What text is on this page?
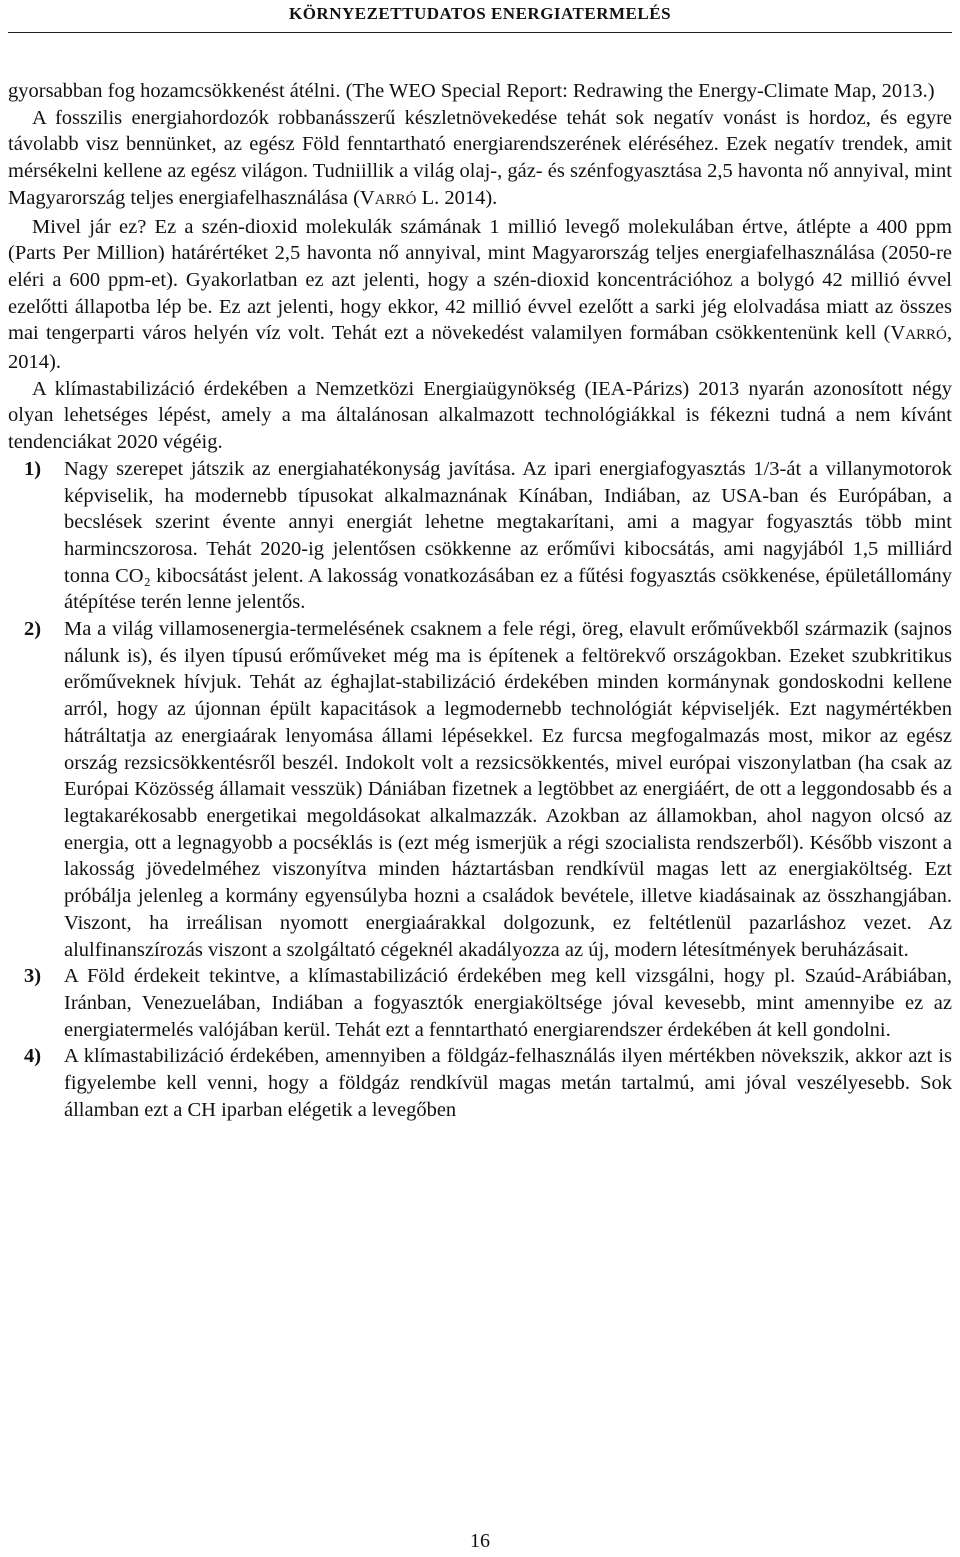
KÖRNYEZETTUDATOS ENERGIATERMELÉS

gyorsabban fog hozamcsökkenést átélni. (The WEO Special Report: Redrawing the Energy-Climate Map, 2013.)

A fosszilis energiahordozók robbanásszerű készletnövekedése tehát sok negatív vonást is hordoz, és egyre távolabb visz bennünket, az egész Föld fenntartható energiarendszerének eléréséhez. Ezek negatív trendek, amit mérsékelni kellene az egész világon. Tudniillik a világ olaj-, gáz- és szénfogyasztása 2,5 havonta nő annyival, mint Magyarország teljes energiafelhasználása (VARRÓ L. 2014).

Mivel jár ez? Ez a szén-dioxid molekulák számának 1 millió levegő molekulában értve, átlépte a 400 ppm (Parts Per Million) határértéket 2,5 havonta nő annyival, mint Magyarország teljes energiafelhasználása (2050-re eléri a 600 ppm-et). Gyakorlatban ez azt jelenti, hogy a szén-dioxid koncentrációhoz a bolygó 42 millió évvel ezelőtti állapotba lép be. Ez azt jelenti, hogy ekkor, 42 millió évvel ezelőtt a sarki jég elolvadása miatt az összes mai tengerparti város helyén víz volt. Tehát ezt a növekedést valamilyen formában csökkentenünk kell (VARRÓ, 2014).

A klímastabilizáció érdekében a Nemzetközi Energiaügynökség (IEA-Párizs) 2013 nyarán azonosított négy olyan lehetséges lépést, amely a ma általánosan alkalmazott technológiákkal is fékezni tudná a nem kívánt tendenciákat 2020 végéig.

1) Nagy szerepet játszik az energiahatékonyság javítása. Az ipari energiafogyasztás 1/3-át a villanymotorok képviselik, ha modernebb típusokat alkalmaznának Kínában, Indiában, az USA-ban és Európában, a becslések szerint évente annyi energiát lehetne megtakarítani, ami a magyar fogyasztás több mint harmincszorosa. Tehát 2020-ig jelentősen csökkenne az erőművi kibocsátás, ami nagyjából 1,5 milliárd tonna CO₂ kibocsátást jelent. A lakosság vonatkozásában ez a fűtési fogyasztás csökkenése, épületállomány átépítése terén lenne jelentős.
2) Ma a világ villamosenergia-termelésének csaknem a fele régi, öreg, elavult erőművekből származik (sajnos nálunk is), és ilyen típusú erőműveket még ma is építenek a feltörekvő országokban. Ezeket szubkritikus erőműveknek hívjuk. Tehát az éghajlat-stabilizáció érdekében minden kormánynak gondoskodni kellene arról, hogy az újonnan épült kapacitások a legmodernebb technológiát képviseljék. Ezt nagymértékben hátráltatja az energiaárak lenyomása állami lépésekkel. Ez furcsa megfogalmazás most, mikor az egész ország rezsicsökkentésről beszél. Indokolt volt a rezsicsökkentés, mivel európai viszonylatban (ha csak az Európai Közösség államait vesszük) Dániában fizetnek a legtöbbet az energiáért, de ott a leggondosabb és a legtakarékosabb energetikai megoldásokat alkalmazzák. Azokban az államokban, ahol nagyon olcsó az energia, ott a legnagyobb a pocséklás is (ezt még ismerjük a régi szocialista rendszerből). Később viszont a lakosság jövedelméhez viszonyítva minden háztartásban rendkívül magas lett az energiaköltség. Ezt próbálja jelenleg a kormány egyensúlyba hozni a családok bevétele, illetve kiadásainak az összhangjában. Viszont, ha irreálisan nyomott energiaárakkal dolgozunk, ez feltétlenül pazarláshoz vezet. Az alulfinanszírozás viszont a szolgáltató cégeknél akadályozza az új, modern létesítmények beruházásait.
3) A Föld érdekeit tekintve, a klímastabilizáció érdekében meg kell vizsgálni, hogy pl. Szaúd-Arábiában, Iránban, Venezuelában, Indiában a fogyasztók energiaköltsége jóval kevesebb, mint amennyibe ez az energiatermelés valójában kerül. Tehát ezt a fenntartható energiarendszer érdekében át kell gondolni.
4) A klímastabilizáció érdekében, amennyiben a földgáz-felhasználás ilyen mértékben növekszik, akkor azt is figyelembe kell venni, hogy a földgáz rendkívül magas metán tartalmú, ami jóval veszélyesebb. Sok államban ezt a CH iparban elégetik a levegőben
16
